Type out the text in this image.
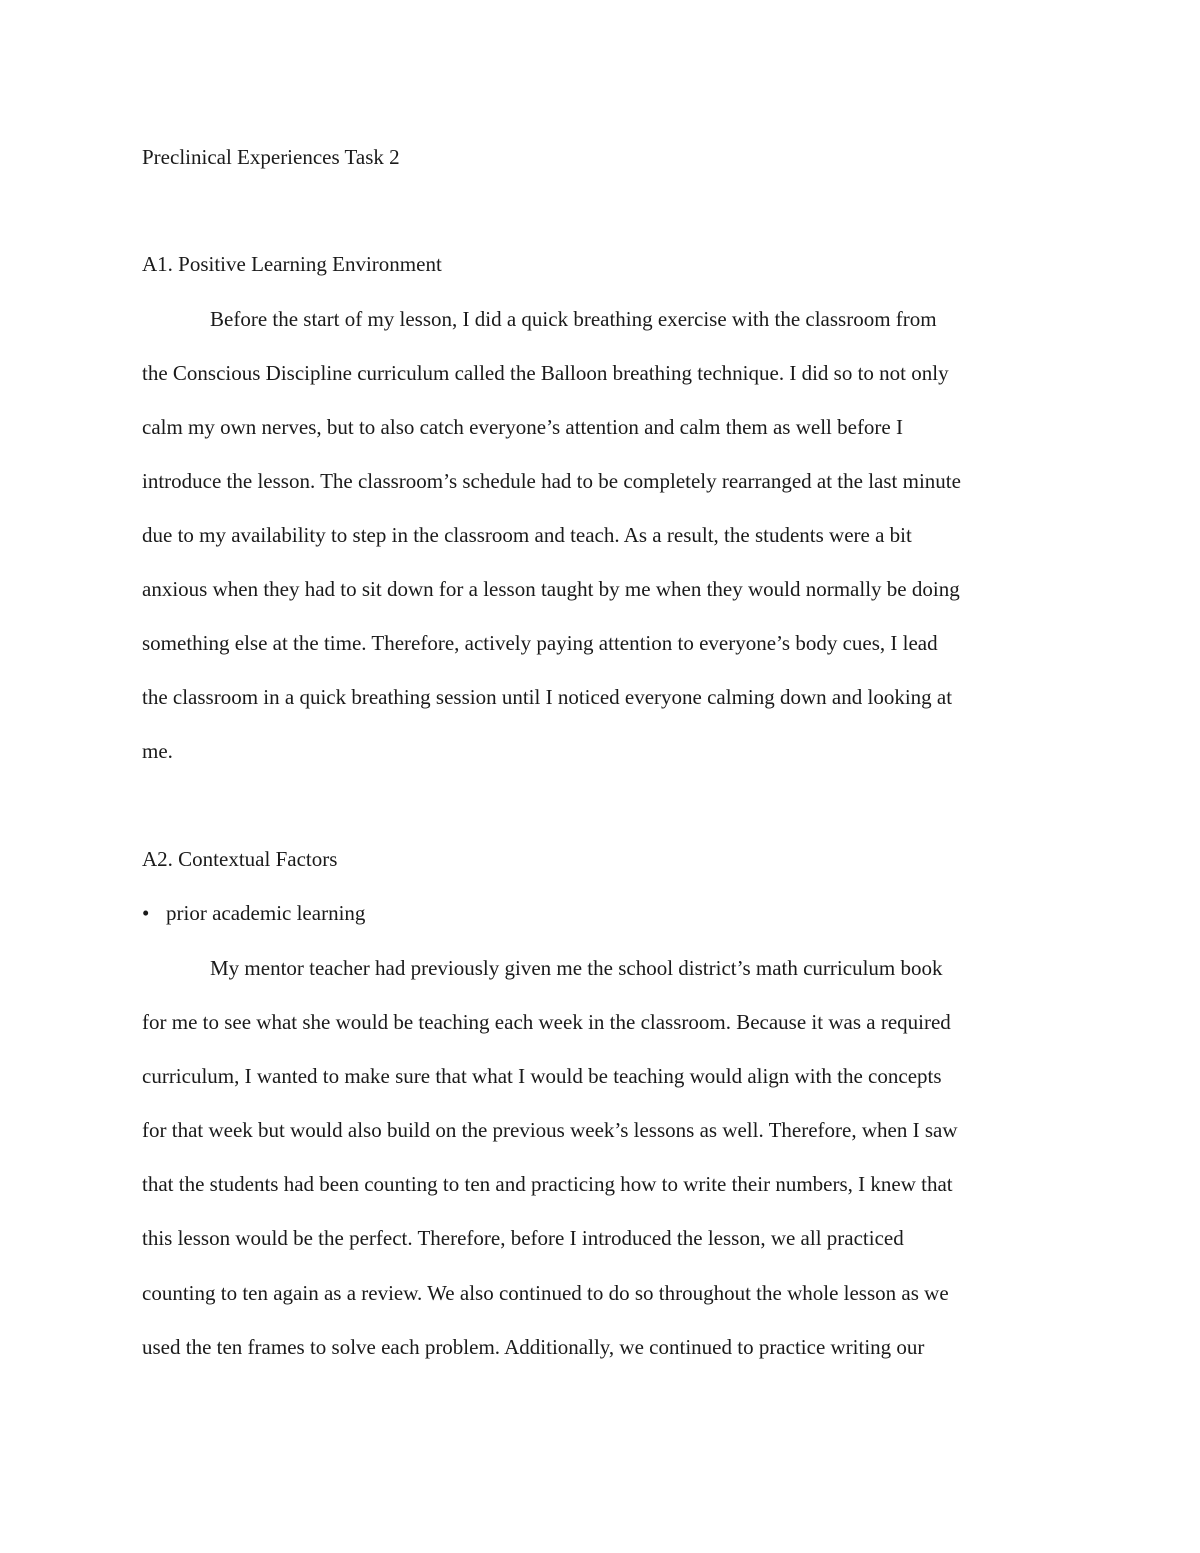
Preclinical Experiences Task 2
A1. Positive Learning Environment
Before the start of my lesson, I did a quick breathing exercise with the classroom from
the Conscious Discipline curriculum called the Balloon breathing technique. I did so to not only
calm my own nerves, but to also catch everyone’s attention and calm them as well before I
introduce the lesson. The classroom’s schedule had to be completely rearranged at the last minute
due to my availability to step in the classroom and teach. As a result, the students were a bit
anxious when they had to sit down for a lesson taught by me when they would normally be doing
something else at the time. Therefore, actively paying attention to everyone’s body cues, I lead
the classroom in a quick breathing session until I noticed everyone calming down and looking at
me.
A2. Contextual Factors
• prior academic learning
My mentor teacher had previously given me the school district’s math curriculum book
for me to see what she would be teaching each week in the classroom. Because it was a required
curriculum, I wanted to make sure that what I would be teaching would align with the concepts
for that week but would also build on the previous week’s lessons as well. Therefore, when I saw
that the students had been counting to ten and practicing how to write their numbers, I knew that
this lesson would be the perfect. Therefore, before I introduced the lesson, we all practiced
counting to ten again as a review. We also continued to do so throughout the whole lesson as we
used the ten frames to solve each problem. Additionally, we continued to practice writing our
